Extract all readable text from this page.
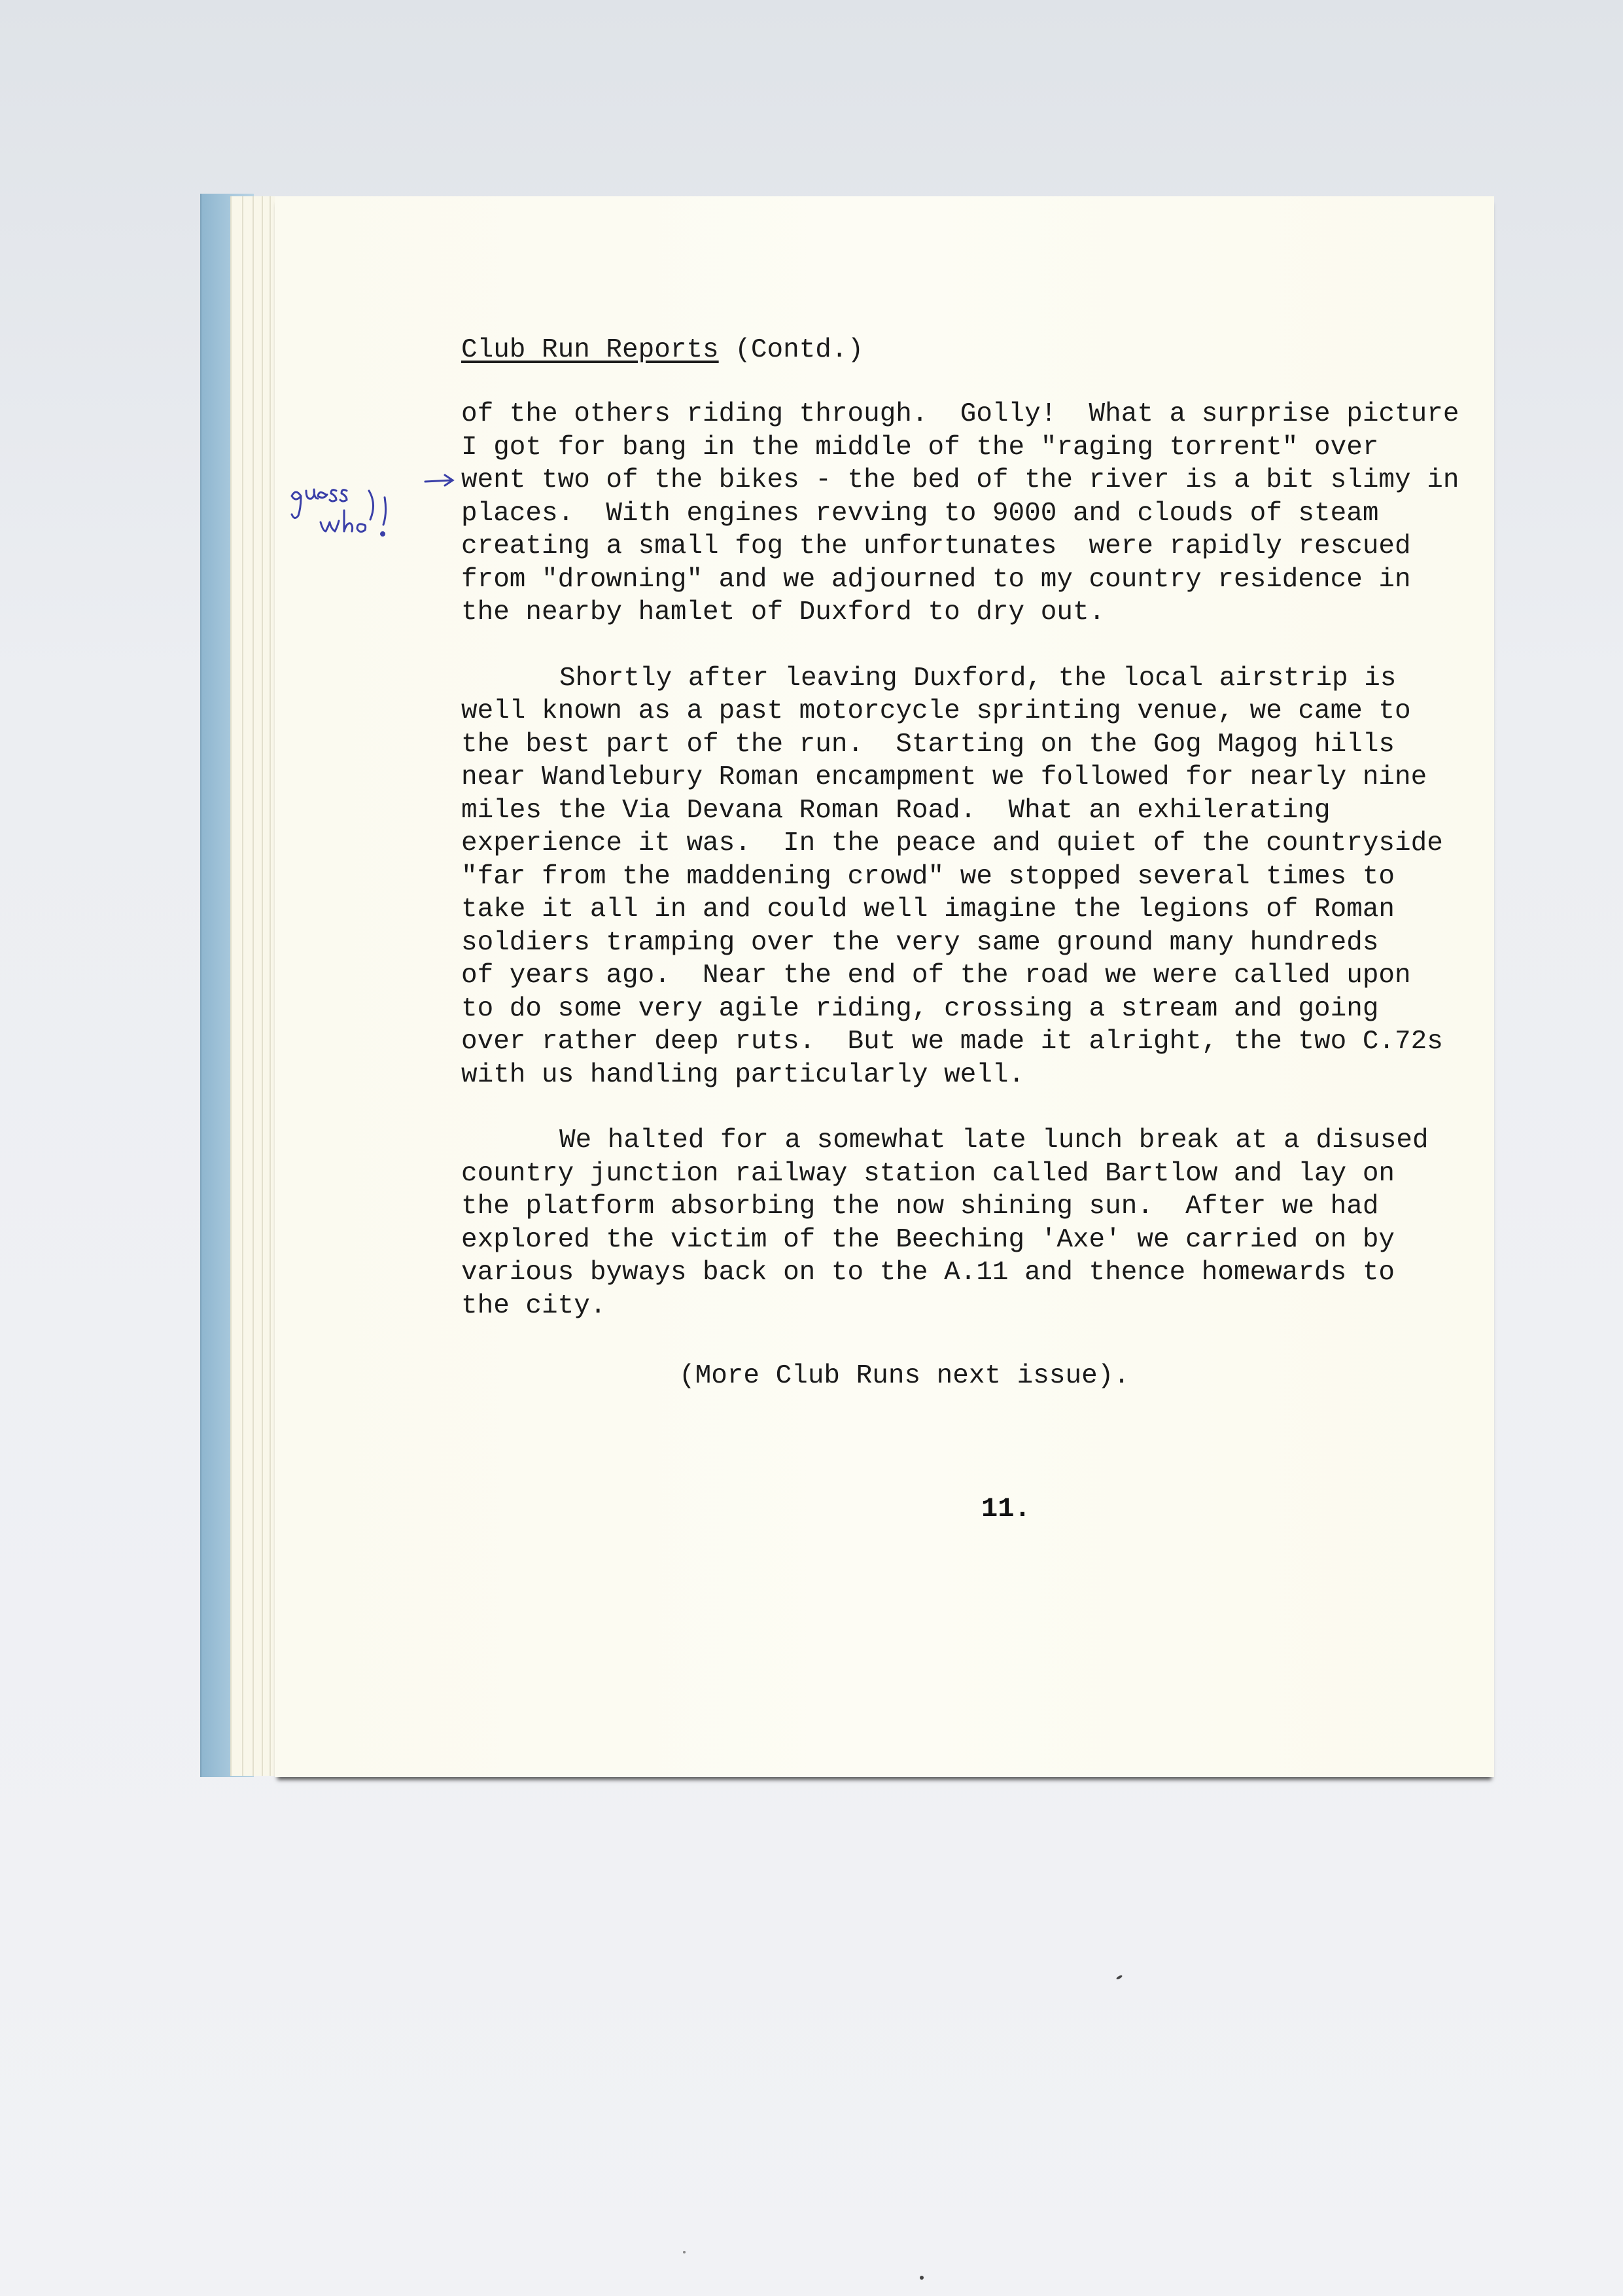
Club Run Reports (Contd.)
of the others riding through.  Golly!  What a surprise picture
I got for bang in the middle of the "raging torrent" over
went two of the bikes - the bed of the river is a bit slimy in
places.  With engines revving to 9000 and clouds of steam
creating a small fog the unfortunates  were rapidly rescued
from "drowning" and we adjourned to my country residence in
the nearby hamlet of Duxford to dry out.
Shortly after leaving Duxford, the local airstrip is
well known as a past motorcycle sprinting venue, we came to
the best part of the run.  Starting on the Gog Magog hills
near Wandlebury Roman encampment we followed for nearly nine
miles the Via Devana Roman Road.  What an exhilerating
experience it was.  In the peace and quiet of the countryside
"far from the maddening crowd" we stopped several times to
take it all in and could well imagine the legions of Roman
soldiers tramping over the very same ground many hundreds
of years ago.  Near the end of the road we were called upon
to do some very agile riding, crossing a stream and going
over rather deep ruts.  But we made it alright, the two C.72s
with us handling particularly well.
We halted for a somewhat late lunch break at a disused
country junction railway station called Bartlow and lay on
the platform absorbing the now shining sun.  After we had
explored the victim of the Beeching 'Axe' we carried on by
various byways back on to the A.11 and thence homewards to
the city.
(More Club Runs next issue).
11.
